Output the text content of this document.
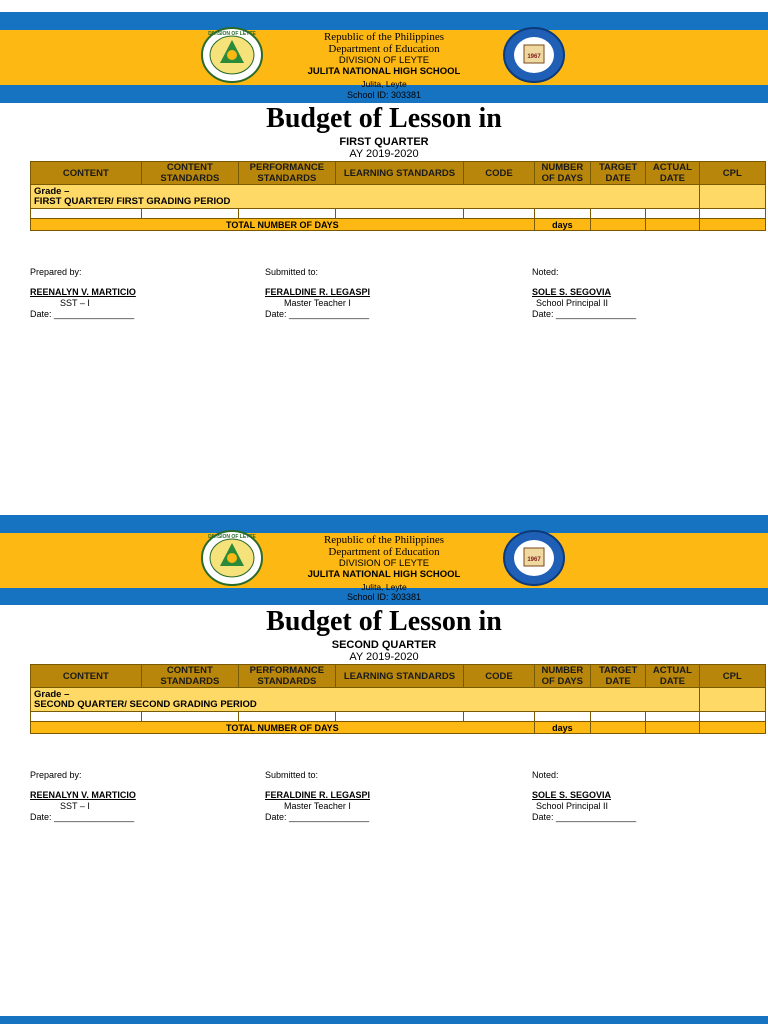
DIVISION OF LEYTE
1967
Republic of the Philippines
Department of Education
DIVISION OF LEYTE
JULITA NATIONAL HIGH SCHOOL
Julita, Leyte
School ID: 303381
Budget of Lesson in
FIRST QUARTER
AY 2019-2020
CONTENT	CONTENT STANDARDS	PERFORMANCE STANDARDS	LEARNING STANDARDS	CODE	NUMBER OF DAYS	TARGET DATE	ACTUAL DATE	CPL

Grade –
FIRST QUARTER/ FIRST GRADING PERIOD								

TOTAL NUMBER OF DAYS					days			
Prepared by:
REENALYN V. MARTICIO
SST – I
Date: ________________
Submitted to:
FERALDINE R. LEGASPI
Master Teacher I
Date: ________________
Noted:
SOLE S. SEGOVIA
School Principal II
Date: ________________
DIVISION OF LEYTE
1967
Republic of the Philippines
Department of Education
DIVISION OF LEYTE
JULITA NATIONAL HIGH SCHOOL
Julita, Leyte
School ID: 303381
Budget of Lesson in
SECOND QUARTER
AY 2019-2020
CONTENT	CONTENT STANDARDS	PERFORMANCE STANDARDS	LEARNING STANDARDS	CODE	NUMBER OF DAYS	TARGET DATE	ACTUAL DATE	CPL

Grade –
SECOND QUARTER/ SECOND GRADING PERIOD								

TOTAL NUMBER OF DAYS					days			
Prepared by:
REENALYN V. MARTICIO
SST – I
Date: ________________
Submitted to:
FERALDINE R. LEGASPI
Master Teacher I
Date: ________________
Noted:
SOLE S. SEGOVIA
School Principal II
Date: ________________
